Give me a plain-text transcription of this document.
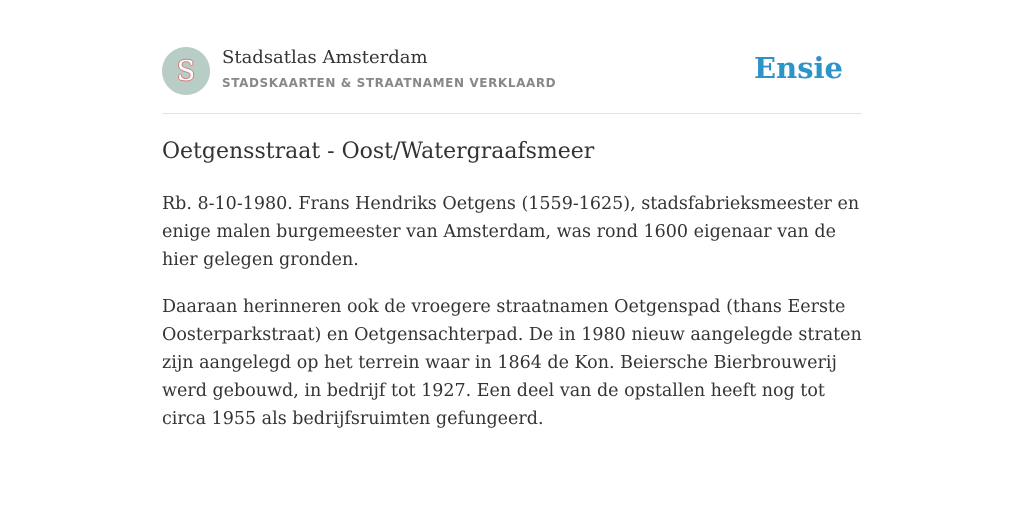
S Stadsatlas Amsterdam
STADSKAARTEN & STRAATNAMEN VERKLAARD	Ensie
Oetgensstraat - Oost/Watergraafsmeer

Rb. 8-10-1980. Frans Hendriks Oetgens (1559-1625), stadsfabrieksmeester en enige malen burgemeester van Amsterdam, was rond 1600 eigenaar van de hier gelegen gronden.

Daaraan herinneren ook de vroegere straatnamen Oetgenspad (thans Eerste Oosterparkstraat) en Oetgensachterpad. De in 1980 nieuw aangelegde straten zijn aangelegd op het terrein waar in 1864 de Kon. Beiersche Bierbrouwerij werd gebouwd, in bedrijf tot 1927. Een deel van de opstallen heeft nog tot circa 1955 als bedrijfsruimten gefungeerd.
